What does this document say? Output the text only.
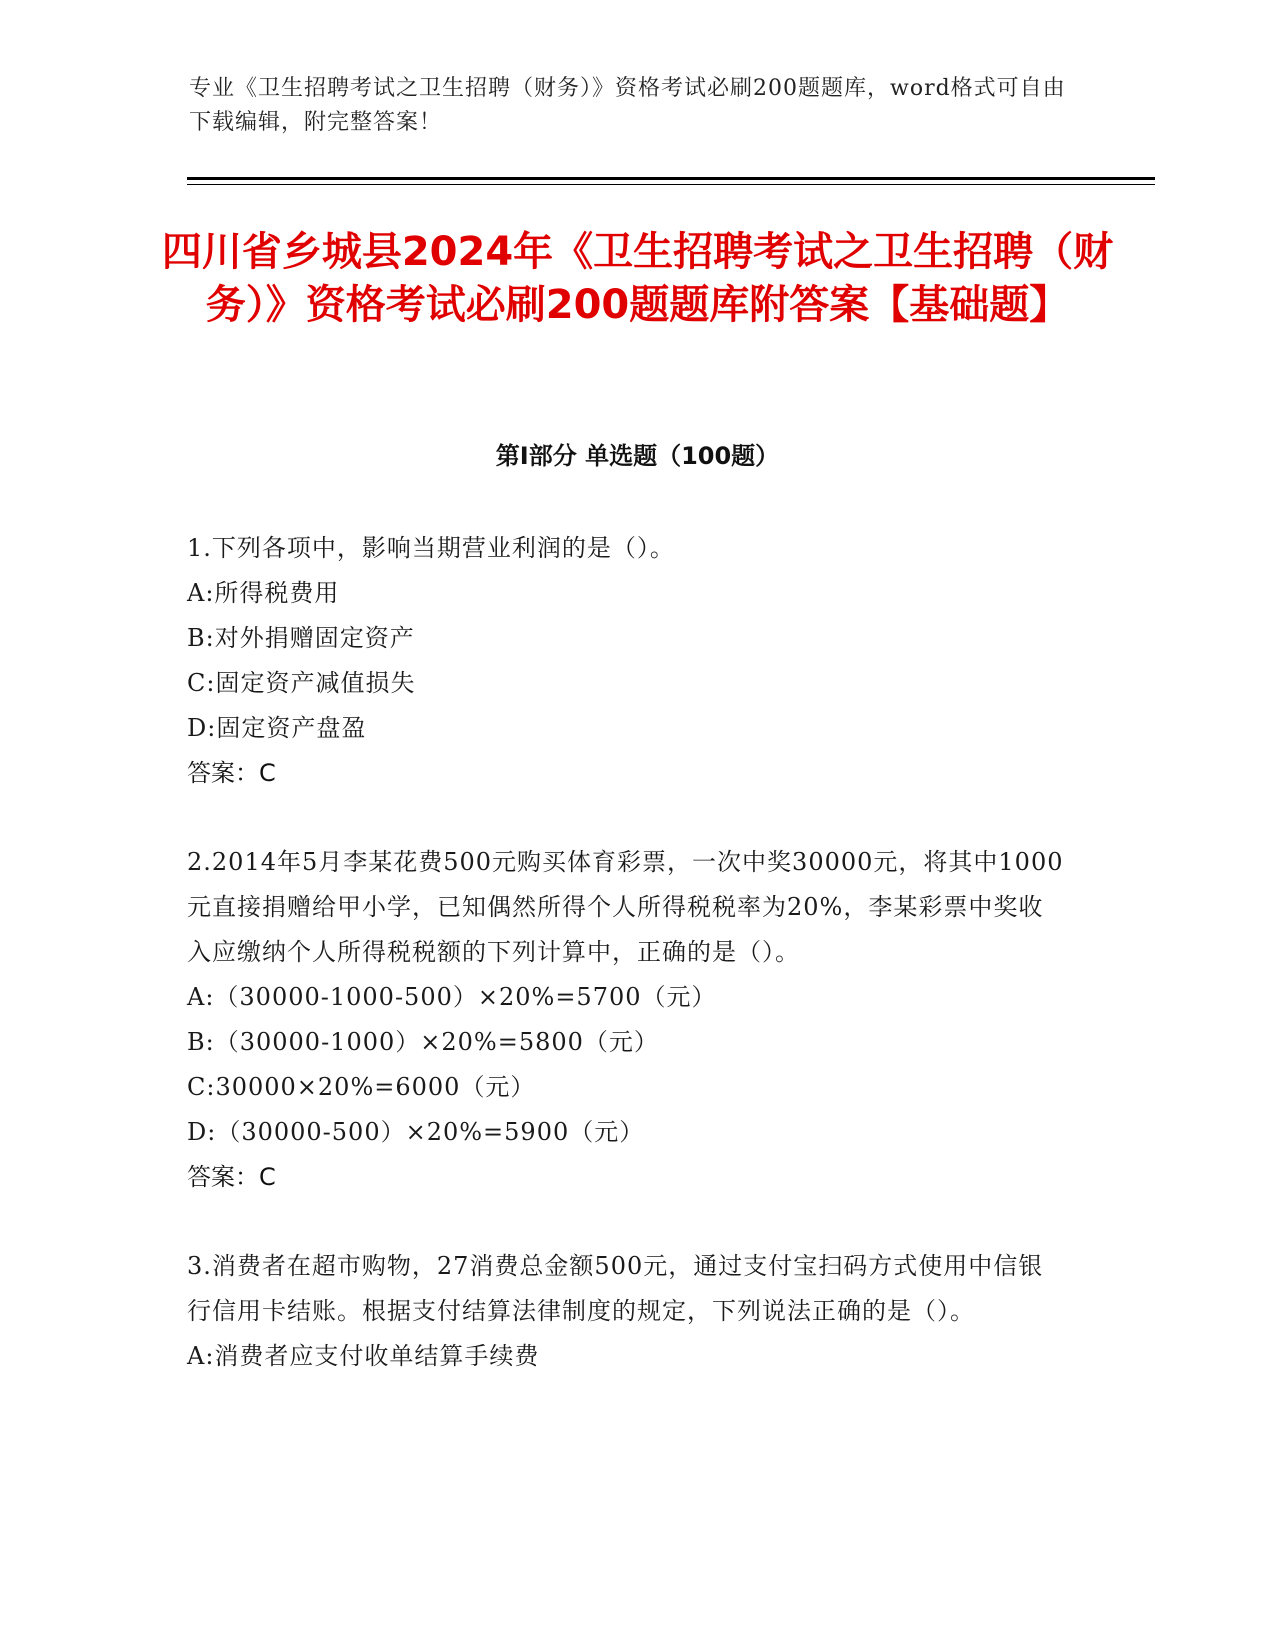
专业《卫生招聘考试之卫生招聘（财务）》资格考试必刷200题题库，word格式可自由下载编辑，附完整答案！
四川省乡城县2024年《卫生招聘考试之卫生招聘（财务）》资格考试必刷200题题库附答案【基础题】
第Ⅰ部分 单选题（100题）
1.下列各项中，影响当期营业利润的是（）。
A:所得税费用
B:对外捐赠固定资产
C:固定资产减值损失
D:固定资产盘盈
答案：C
2.2014年5月李某花费500元购买体育彩票，一次中奖30000元，将其中1000元直接捐赠给甲小学，已知偶然所得个人所得税税率为20%，李某彩票中奖收入应缴纳个人所得税税额的下列计算中，正确的是（）。
A:（30000-1000-500）×20%=5700（元）
B:（30000-1000）×20%=5800（元）
C:30000×20%=6000（元）
D:（30000-500）×20%=5900（元）
答案：C
3.消费者在超市购物，27消费总金额500元，通过支付宝扫码方式使用中信银行信用卡结账。根据支付结算法律制度的规定，下列说法正确的是（）。
A:消费者应支付收单结算手续费
